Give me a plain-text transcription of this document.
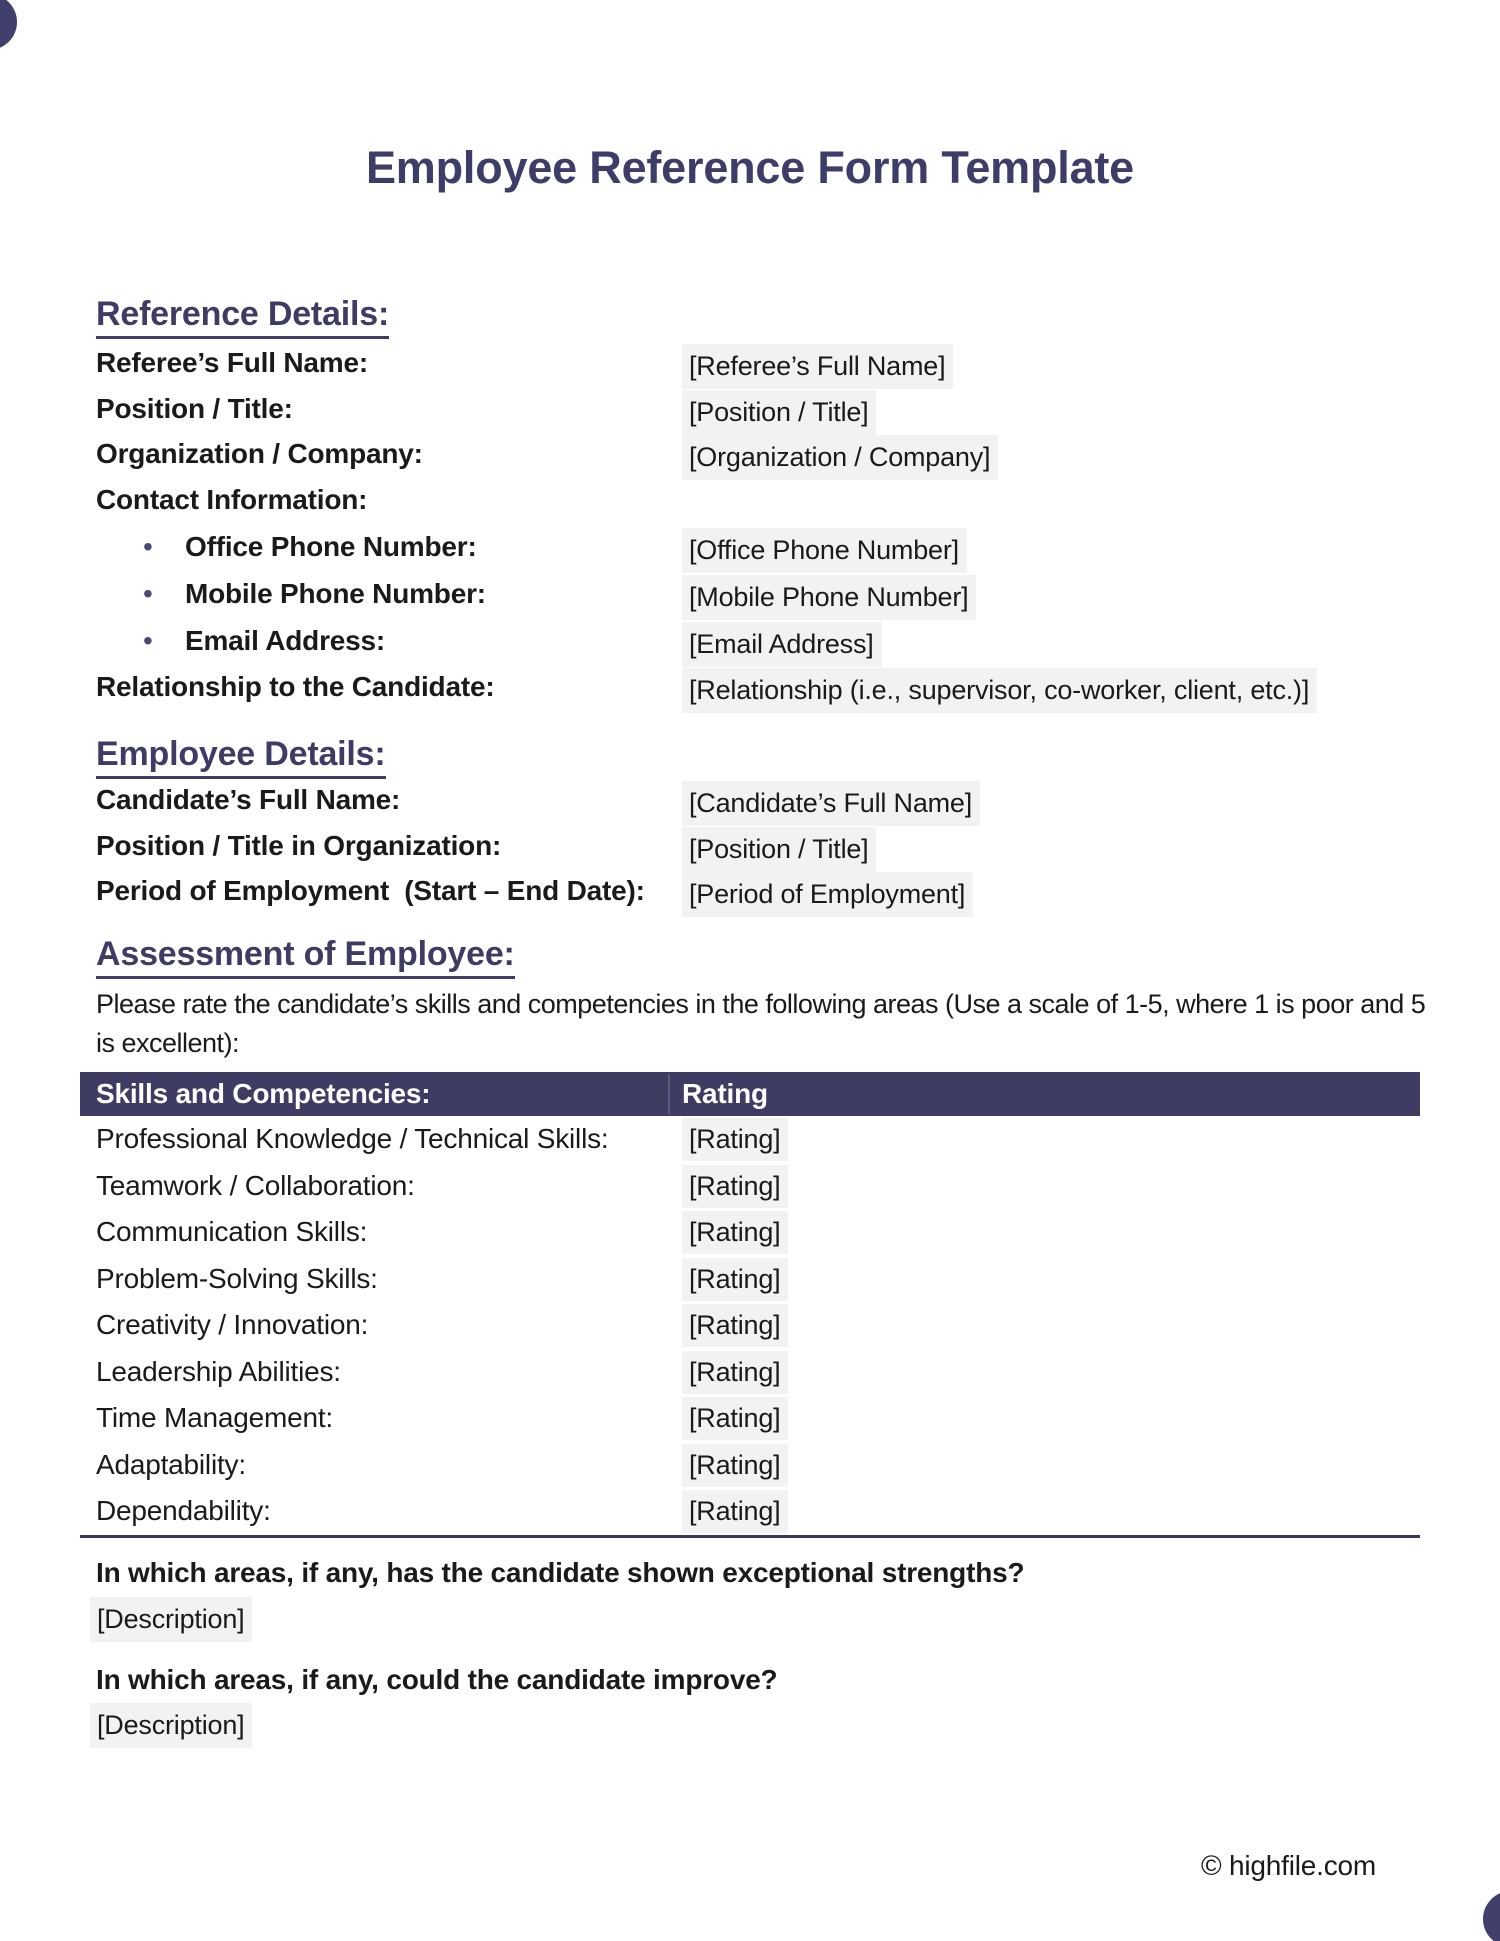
Employee Reference Form Template
Reference Details:
Referee’s Full Name:	[Referee’s Full Name]
Position / Title:	[Position / Title]
Organization / Company:	[Organization / Company]
Contact Information:
• Office Phone Number:	[Office Phone Number]
• Mobile Phone Number:	[Mobile Phone Number]
• Email Address:	[Email Address]
Relationship to the Candidate:	[Relationship (i.e., supervisor, co-worker, client, etc.)]
Employee Details:
Candidate’s Full Name:	[Candidate’s Full Name]
Position / Title in Organization:	[Position / Title]
Period of Employment  (Start – End Date): [Period of Employment]
Assessment of Employee:
Please rate the candidate’s skills and competencies in the following areas (Use a scale of 1-5, where 1 is poor and 5 is excellent):
Skills and Competencies:	Rating
Professional Knowledge / Technical Skills:	[Rating]
Teamwork / Collaboration:	[Rating]
Communication Skills:	[Rating]
Problem-Solving Skills:	[Rating]
Creativity / Innovation:	[Rating]
Leadership Abilities:	[Rating]
Time Management:	[Rating]
Adaptability:	[Rating]
Dependability:	[Rating]
In which areas, if any, has the candidate shown exceptional strengths?
[Description]
In which areas, if any, could the candidate improve?
[Description]
© highfile.com
